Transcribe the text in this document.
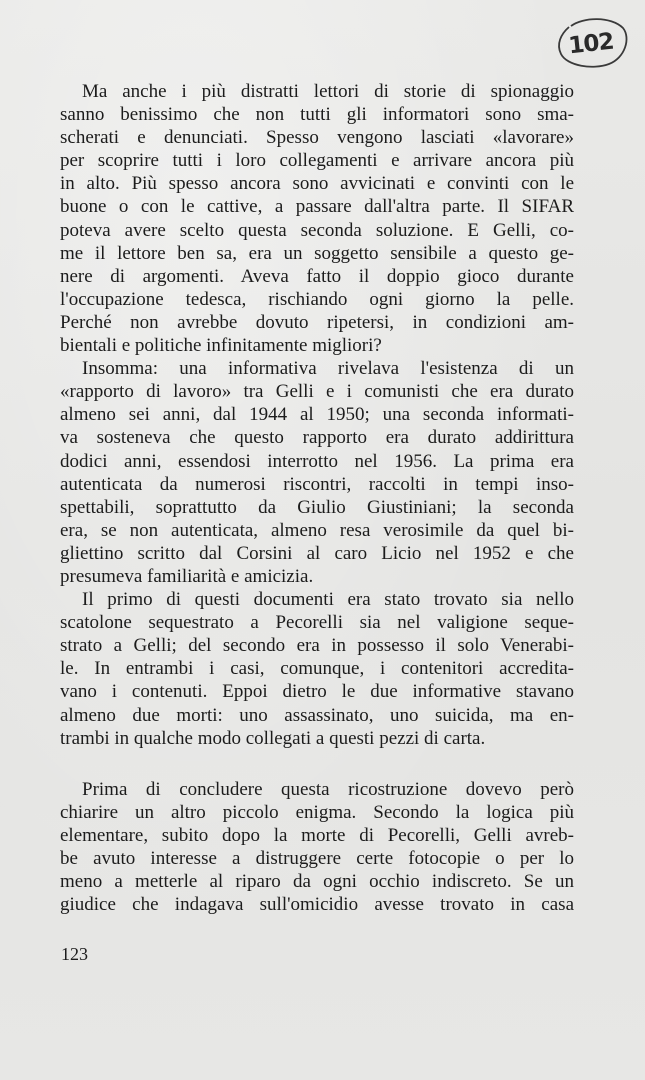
102
Ma anche i più distratti lettori di storie di spionaggio
sanno benissimo che non tutti gli informatori sono sma-
scherati e denunciati. Spesso vengono lasciati «lavorare»
per scoprire tutti i loro collegamenti e arrivare ancora più
in alto. Più spesso ancora sono avvicinati e convinti con le
buone o con le cattive, a passare dall'altra parte. Il SIFAR
poteva avere scelto questa seconda soluzione. E Gelli, co-
me il lettore ben sa, era un soggetto sensibile a questo ge-
nere di argomenti. Aveva fatto il doppio gioco durante
l'occupazione tedesca, rischiando ogni giorno la pelle.
Perché non avrebbe dovuto ripetersi, in condizioni am-
bientali e politiche infinitamente migliori?
Insomma: una informativa rivelava l'esistenza di un
«rapporto di lavoro» tra Gelli e i comunisti che era durato
almeno sei anni, dal 1944 al 1950; una seconda informati-
va sosteneva che questo rapporto era durato addirittura
dodici anni, essendosi interrotto nel 1956. La prima era
autenticata da numerosi riscontri, raccolti in tempi inso-
spettabili, soprattutto da Giulio Giustiniani; la seconda
era, se non autenticata, almeno resa verosimile da quel bi-
gliettino scritto dal Corsini al caro Licio nel 1952 e che
presumeva familiarità e amicizia.
Il primo di questi documenti era stato trovato sia nello
scatolone sequestrato a Pecorelli sia nel valigione seque-
strato a Gelli; del secondo era in possesso il solo Venerabi-
le. In entrambi i casi, comunque, i contenitori accredita-
vano i contenuti. Eppoi dietro le due informative stavano
almeno due morti: uno assassinato, uno suicida, ma en-
trambi in qualche modo collegati a questi pezzi di carta.
Prima di concludere questa ricostruzione dovevo però
chiarire un altro piccolo enigma. Secondo la logica più
elementare, subito dopo la morte di Pecorelli, Gelli avreb-
be avuto interesse a distruggere certe fotocopie o per lo
meno a metterle al riparo da ogni occhio indiscreto. Se un
giudice che indagava sull'omicidio avesse trovato in casa
123
